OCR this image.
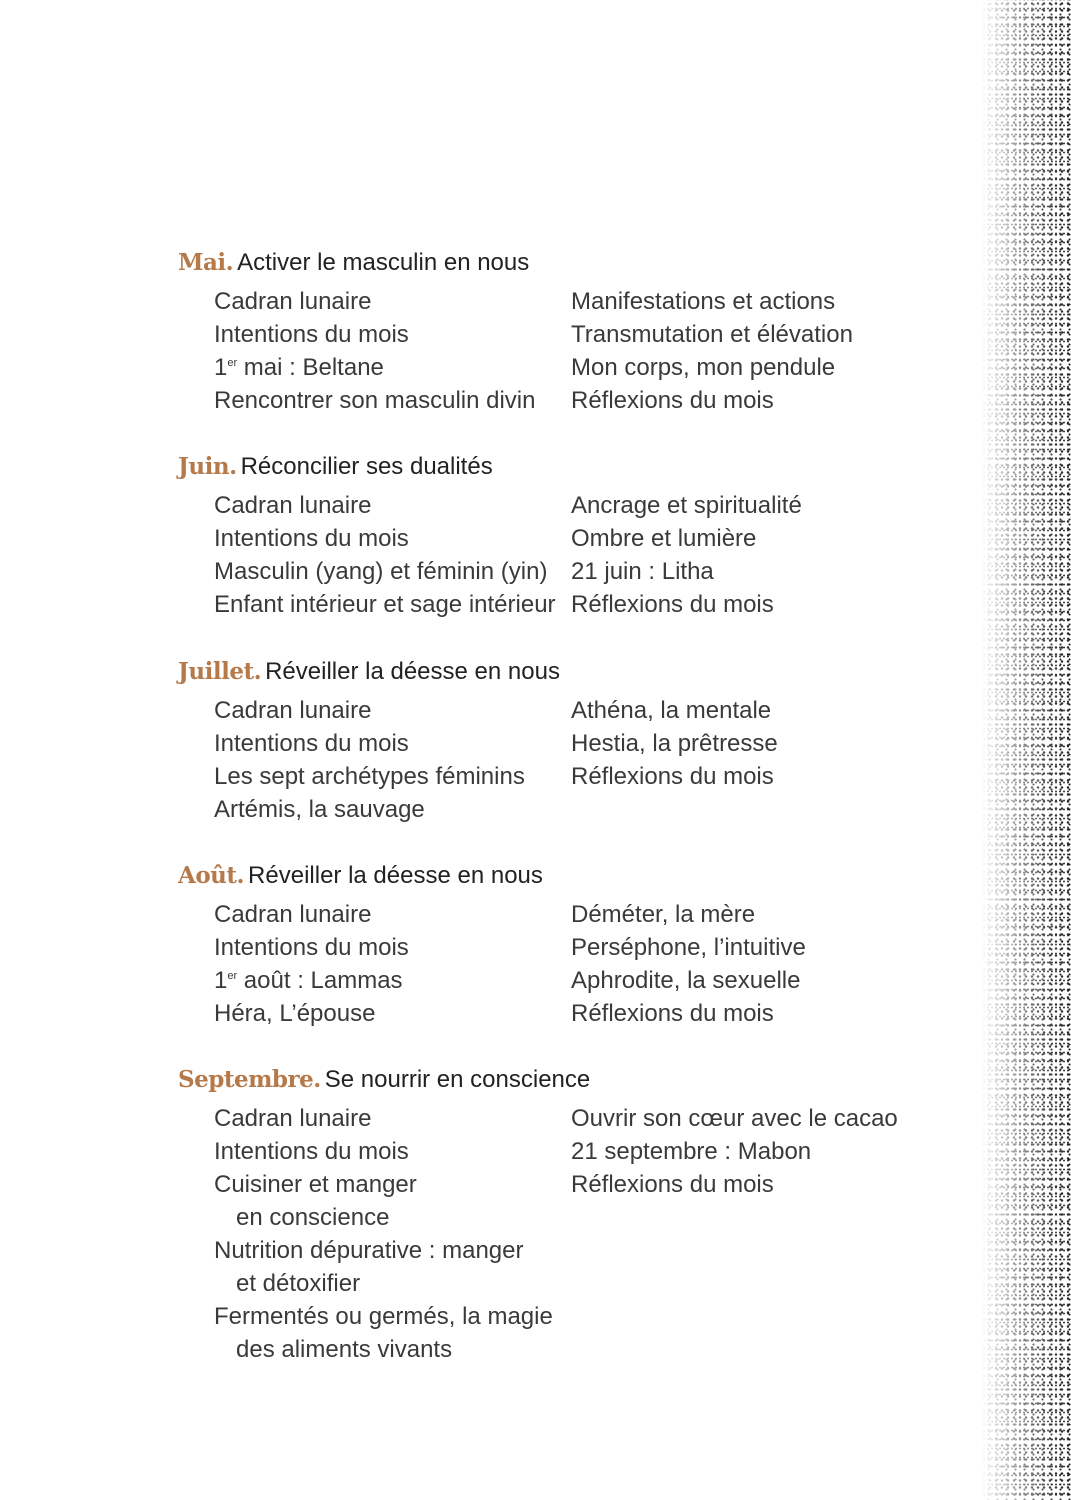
Mai. Activer le masculin en nous
Cadran lunaire
Intentions du mois
1er mai : Beltane
Rencontrer son masculin divin
Manifestations et actions
Transmutation et élévation
Mon corps, mon pendule
Réflexions du mois
Juin. Réconcilier ses dualités
Cadran lunaire
Intentions du mois
Masculin (yang) et féminin (yin)
Enfant intérieur et sage intérieur
Ancrage et spiritualité
Ombre et lumière
21 juin : Litha
Réflexions du mois
Juillet. Réveiller la déesse en nous
Cadran lunaire
Intentions du mois
Les sept archétypes féminins
Artémis, la sauvage
Athéna, la mentale
Hestia, la prêtresse
Réflexions du mois
Août. Réveiller la déesse en nous
Cadran lunaire
Intentions du mois
1er août : Lammas
Héra, L’épouse
Déméter, la mère
Perséphone, l’intuitive
Aphrodite, la sexuelle
Réflexions du mois
Septembre. Se nourrir en conscience
Cadran lunaire
Intentions du mois
Cuisiner et manger
en conscience
Nutrition dépurative : manger
et détoxifier
Fermentés ou germés, la magie
des aliments vivants
Ouvrir son cœur avec le cacao
21 septembre : Mabon
Réflexions du mois
